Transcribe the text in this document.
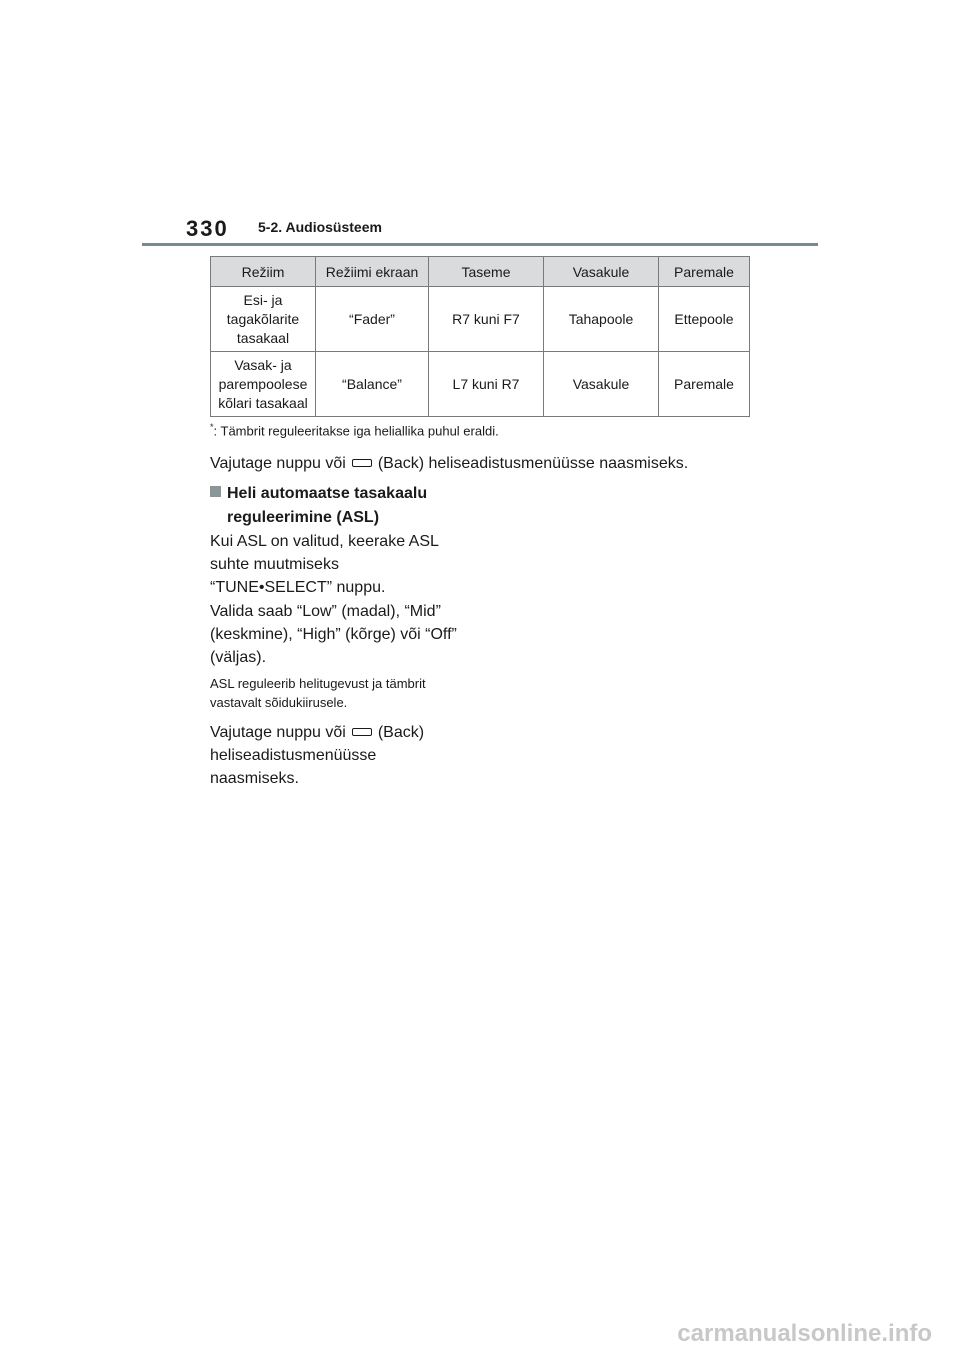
330 5-2. Audiosüsteem
Režiim	Režiimi ekraan	Taseme	Vasakule	Paremale
Esi- ja
tagakõlarite
tasakaal	“Fader”	R7 kuni F7	Tahapoole	Ettepoole
Vasak- ja
parempoolese
kõlari tasakaal	“Balance”	L7 kuni R7	Vasakule	Paremale
*: Tämbrit reguleeritakse iga heliallika puhul eraldi.
Vajutage nuppu või (Back) heliseadistusmenüüsse naasmiseks.
Heli automaatse tasakaalu
reguleerimine (ASL)
Kui ASL on valitud, keerake ASL
suhte muutmiseks
“TUNE•SELECT” nuppu.
Valida saab “Low” (madal), “Mid”
(keskmine), “High” (kõrge) või “Off”
(väljas).
ASL reguleerib helitugevust ja tämbrit
vastavalt sõidukiirusele.
Vajutage nuppu või (Back)
heliseadistusmenüüsse
naasmiseks.
carmanualsonline.info
